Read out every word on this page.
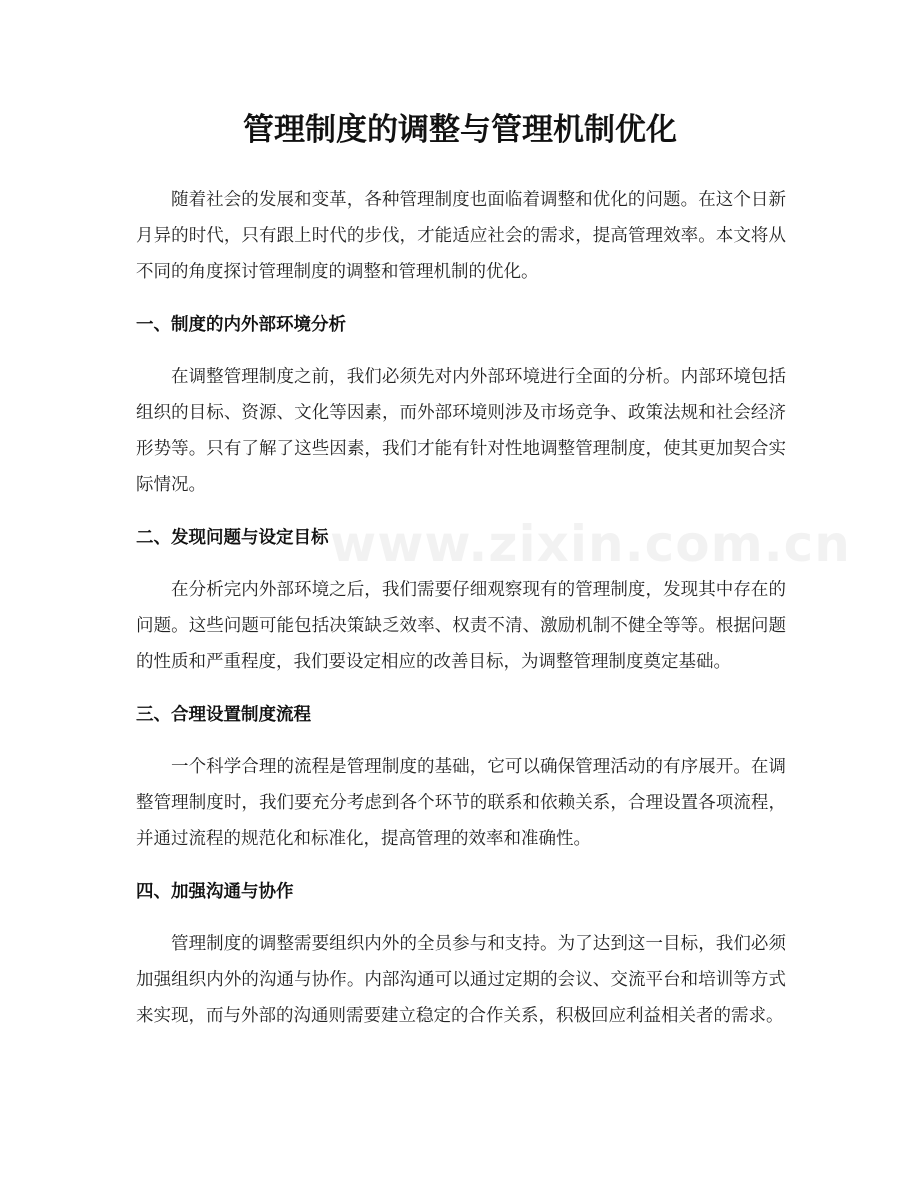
管理制度的调整与管理机制优化
www.zixin.com.cn

随着社会的发展和变革，各种管理制度也面临着调整和优化的问题。在这个日新月异的时代，只有跟上时代的步伐，才能适应社会的需求，提高管理效率。本文将从不同的角度探讨管理制度的调整和管理机制的优化。

一、制度的内外部环境分析

在调整管理制度之前，我们必须先对内外部环境进行全面的分析。内部环境包括组织的目标、资源、文化等因素，而外部环境则涉及市场竞争、政策法规和社会经济形势等。只有了解了这些因素，我们才能有针对性地调整管理制度，使其更加契合实际情况。

二、发现问题与设定目标

在分析完内外部环境之后，我们需要仔细观察现有的管理制度，发现其中存在的问题。这些问题可能包括决策缺乏效率、权责不清、激励机制不健全等等。根据问题的性质和严重程度，我们要设定相应的改善目标，为调整管理制度奠定基础。

三、合理设置制度流程

一个科学合理的流程是管理制度的基础，它可以确保管理活动的有序展开。在调整管理制度时，我们要充分考虑到各个环节的联系和依赖关系，合理设置各项流程，并通过流程的规范化和标准化，提高管理的效率和准确性。

四、加强沟通与协作

管理制度的调整需要组织内外的全员参与和支持。为了达到这一目标，我们必须加强组织内外的沟通与协作。内部沟通可以通过定期的会议、交流平台和培训等方式来实现，而与外部的沟通则需要建立稳定的合作关系，积极回应利益相关者的需求。
